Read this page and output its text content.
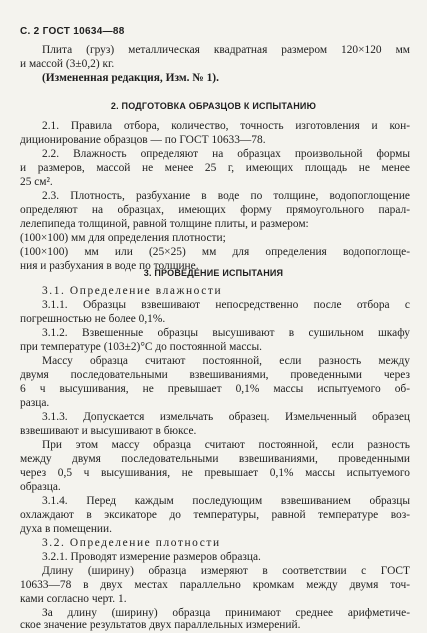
С. 2 ГОСТ 10634—88
Плита (груз) металлическая квадратная размером 120×120 мм
и массой (3±0,2) кг.
(Измененная редакция, Изм. № 1).
2. ПОДГОТОВКА ОБРАЗЦОВ К ИСПЫТАНИЮ
2.1. Правила отбора, количество, точность изготовления и кон-
диционирование образцов — по ГОСТ 10633—78.
2.2. Влажность определяют на образцах произвольной формы
и размеров, массой не менее 25 г, имеющих площадь не менее
25 см².
2.3. Плотность, разбухание в воде по толщине, водопоглощение
определяют на образцах, имеющих форму прямоугольного парал-
лелепипеда толщиной, равной толщине плиты, и размером:
(100×100) мм для определения плотности;
(100×100) мм или (25×25) мм для определения водопоглоще-
ния и разбухания в воде по толщине.
3. ПРОВЕДЕНИЕ ИСПЫТАНИЯ
3.1. Определение влажности
3.1.1. Образцы взвешивают непосредственно после отбора с
погрешностью не более 0,1%.
3.1.2. Взвешенные образцы высушивают в сушильном шкафу
при температуре (103±2)°С до постоянной массы.
Массу образца считают постоянной, если разность между
двумя последовательными взвешиваниями, проведенными через
6 ч высушивания, не превышает 0,1% массы испытуемого об-
разца.
3.1.3. Допускается измельчать образец. Измельченный образец
взвешивают и высушивают в бюксе.
При этом массу образца считают постоянной, если разность
между двумя последовательными взвешиваниями, проведенными
через 0,5 ч высушивания, не превышает 0,1% массы испытуемого
образца.
3.1.4. Перед каждым последующим взвешиванием образцы
охлаждают в эксикаторе до температуры, равной температуре воз-
духа в помещении.
3.2. Определение плотности
3.2.1. Проводят измерение размеров образца.
Длину (ширину) образца измеряют в соответствии с ГОСТ
10633—78 в двух местах параллельно кромкам между двумя точ-
ками согласно черт. 1.
За длину (ширину) образца принимают среднее арифметиче-
ское значение результатов двух параллельных измерений.
